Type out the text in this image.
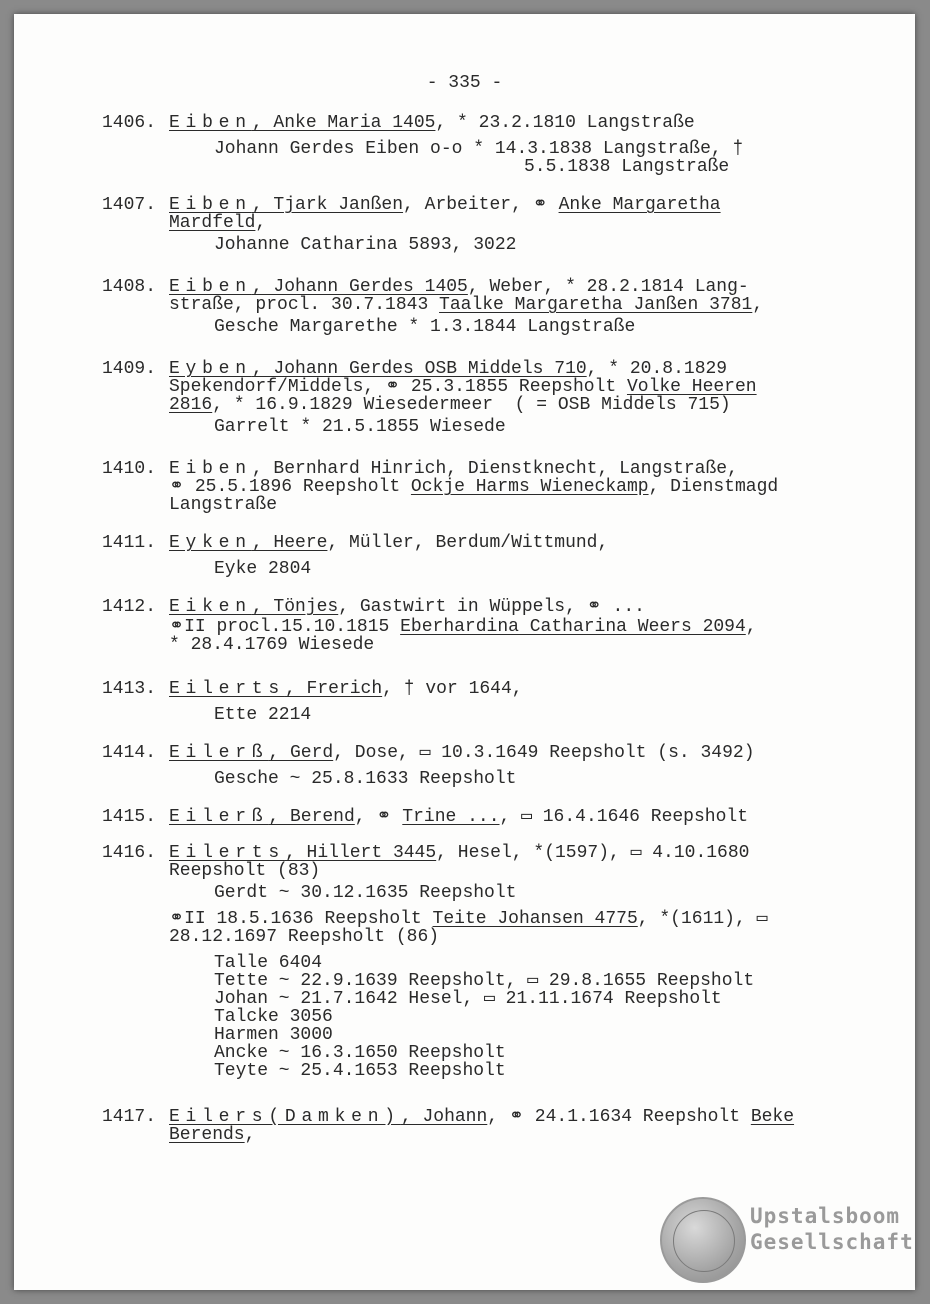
- 335 -
1406. Eiben, Anke Maria 1405, * 23.2.1810 Langstraße
Johann Gerdes Eiben o-o * 14.3.1838 Langstraße, †
5.5.1838 Langstraße
1407. Eiben, Tjark Janßen, Arbeiter, ⚭ Anke Margaretha
Mardfeld,
Johanne Catharina 5893, 3022
1408. Eiben, Johann Gerdes 1405, Weber, * 28.2.1814 Lang-
straße, procl. 30.7.1843 Taalke Margaretha Janßen 3781,
Gesche Margarethe * 1.3.1844 Langstraße
1409. Eyben, Johann Gerdes OSB Middels 710, * 20.8.1829
Spekendorf/Middels, ⚭ 25.3.1855 Reepsholt Volke Heeren
2816, * 16.9.1829 Wiesedermeer  ( = OSB Middels 715)
Garrelt * 21.5.1855 Wiesede
1410. Eiben, Bernhard Hinrich, Dienstknecht, Langstraße,
⚭ 25.5.1896 Reepsholt Ockje Harms Wieneckamp, Dienstmagd
Langstraße
1411. Eyken, Heere, Müller, Berdum/Wittmund,
Eyke 2804
1412. Eiken, Tönjes, Gastwirt in Wüppels, ⚭ ...
⚭II procl.15.10.1815 Eberhardina Catharina Weers 2094,
* 28.4.1769 Wiesede
1413. Eilerts, Frerich, † vor 1644,
Ette 2214
1414. Eilerß, Gerd, Dose, ▭ 10.3.1649 Reepsholt (s. 3492)
Gesche ~ 25.8.1633 Reepsholt
1415. Eilerß, Berend, ⚭ Trine ..., ▭ 16.4.1646 Reepsholt
1416. Eilerts, Hillert 3445, Hesel, *(1597), ▭ 4.10.1680
Reepsholt (83)
Gerdt ~ 30.12.1635 Reepsholt
⚭II 18.5.1636 Reepsholt Teite Johansen 4775, *(1611), ▭
28.12.1697 Reepsholt (86)
Talle 6404
Tette ~ 22.9.1639 Reepsholt, ▭ 29.8.1655 Reepsholt
Johan ~ 21.7.1642 Hesel, ▭ 21.11.1674 Reepsholt
Talcke 3056
Harmen 3000
Ancke ~ 16.3.1650 Reepsholt
Teyte ~ 25.4.1653 Reepsholt
1417. Eilers(Damken), Johann, ⚭ 24.1.1634 Reepsholt Beke
Berends,
Upstalsboom
Gesellschaft
